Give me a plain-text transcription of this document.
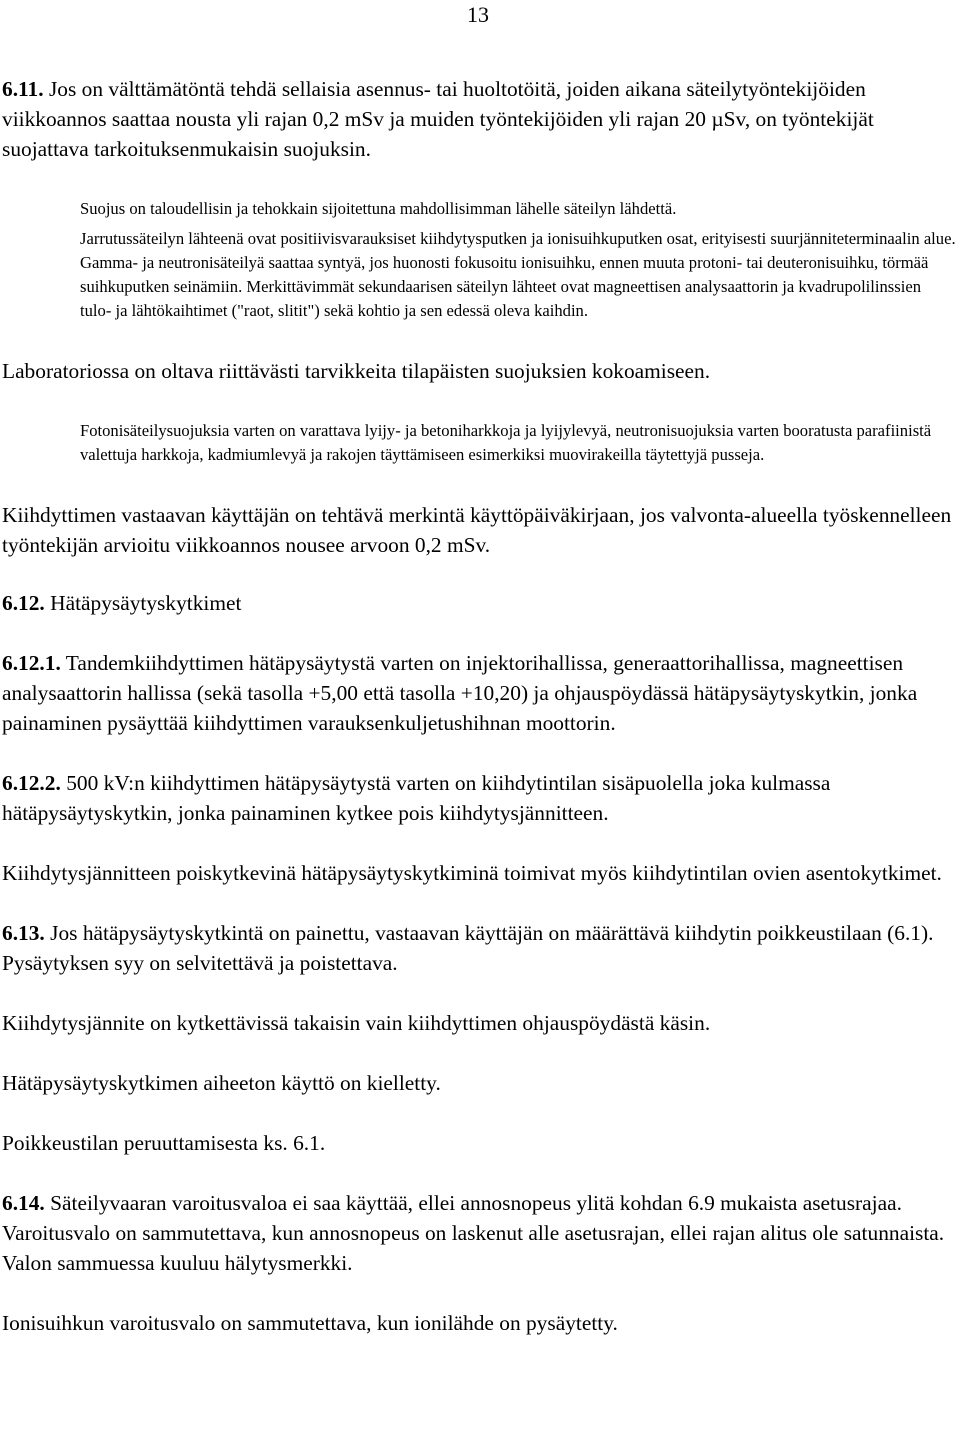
13

6.11. Jos on välttämätöntä tehdä sellaisia asennus- tai huoltotöitä, joiden aikana säteilytyöntekijöiden viikkoannos saattaa nousta yli rajan 0,2 mSv ja muiden työntekijöiden yli rajan 20 µSv, on työntekijät suojattava tarkoituksenmukaisin suojuksin.

Suojus on taloudellisin ja tehokkain sijoitettuna mahdollisimman lähelle säteilyn lähdettä.

Jarrutussäteilyn lähteenä ovat positiivisvarauksiset kiihdytysputken ja ionisuihkuputken osat, erityisesti suurjänniteterminaalin alue. Gamma- ja neutronisäteilyä saattaa syntyä, jos huonosti fokusoitu ionisuihku, ennen muuta protoni- tai deuteronisuihku, törmää suihkuputken seinämiin. Merkittävimmät sekundaarisen säteilyn lähteet ovat magneettisen analysaattorin ja kvadrupolilinssien tulo- ja lähtökaihtimet ("raot, slitit") sekä kohtio ja sen edessä oleva kaihdin.

Laboratoriossa on oltava riittävästi tarvikkeita tilapäisten suojuksien kokoamiseen.

Fotonisäteilysuojuksia varten on varattava lyijy- ja betoniharkkoja ja lyijylevyä, neutronisuojuksia varten booratusta parafiinistä valettuja harkkoja, kadmiumlevyä ja rakojen täyttämiseen esimerkiksi muovirakeilla täytettyjä pusseja.

Kiihdyttimen vastaavan käyttäjän on tehtävä merkintä käyttöpäiväkirjaan, jos valvonta-alueella työskennelleen työntekijän arvioitu viikkoannos nousee arvoon 0,2 mSv.

6.12. Hätäpysäytyskytkimet

6.12.1. Tandemkiihdyttimen hätäpysäytystä varten on injektorihallissa, generaattorihallissa, magneettisen analysaattorin hallissa (sekä tasolla +5,00 että tasolla +10,20) ja ohjauspöydässä hätäpysäytyskytkin, jonka painaminen pysäyttää kiihdyttimen varauksenkuljetushihnan moottorin.

6.12.2. 500 kV:n kiihdyttimen hätäpysäytystä varten on kiihdytintilan sisäpuolella joka kulmassa hätäpysäytyskytkin, jonka painaminen kytkee pois kiihdytysjännitteen.

Kiihdytysjännitteen poiskytkevinä hätäpysäytyskytkiminä toimivat myös kiihdytintilan ovien asentokytkimet.

6.13. Jos hätäpysäytyskytkintä on painettu, vastaavan käyttäjän on määrättävä kiihdytin poikkeustilaan (6.1). Pysäytyksen syy on selvitettävä ja poistettava.

Kiihdytysjännite on kytkettävissä takaisin vain kiihdyttimen ohjauspöydästä käsin.

Hätäpysäytyskytkimen aiheeton käyttö on kielletty.

Poikkeustilan peruuttamisesta ks. 6.1.

6.14. Säteilyvaaran varoitusvaloa ei saa käyttää, ellei annosnopeus ylitä kohdan 6.9 mukaista asetusrajaa. Varoitusvalo on sammutettava, kun annosnopeus on laskenut alle asetusrajan, ellei rajan alitus ole satunnaista. Valon sammuessa kuuluu hälytysmerkki.

Ionisuihkun varoitusvalo on sammutettava, kun ionilähde on pysäytetty.
